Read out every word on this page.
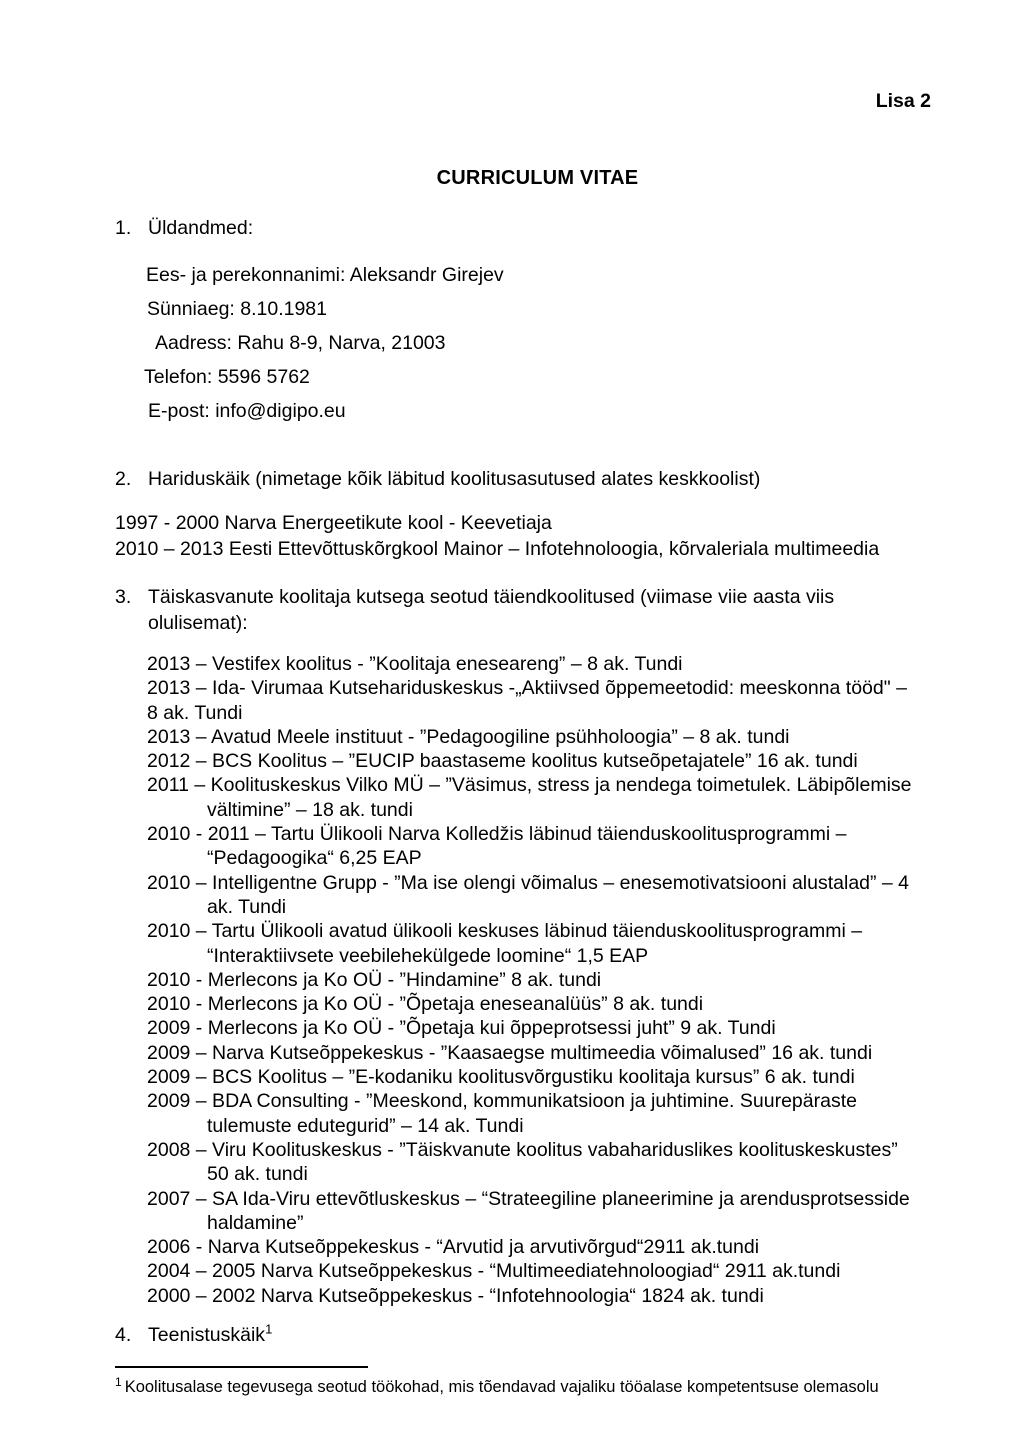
Lisa 2
CURRICULUM VITAE
1. Üldandmed:
Ees- ja perekonnanimi: Aleksandr Girejev
Sünniaeg: 8.10.1981
Aadress: Rahu 8-9, Narva, 21003
Telefon: 5596 5762
E-post: info@digipo.eu
2. Hariduskäik (nimetage kõik läbitud koolitusasutused alates keskkoolist)
1997 - 2000 Narva Energeetikute kool - Keevetiaja
2010 – 2013 Eesti Ettevõttuskõrgkool Mainor – Infotehnoloogia, kõrvaleriala multimeedia
3. Täiskasvanute koolitaja kutsega seotud täiendkoolitused (viimase viie aasta viis
olulisemat):
2013 – Vestifex koolitus - ”Koolitaja eneseareng” – 8 ak. Tundi
2013 – Ida- Virumaa Kutsehariduskeskus -„Aktiivsed õppemeetodid: meeskonna tööd" –
8 ak. Tundi
2013 – Avatud Meele instituut - ”Pedagoogiline psühholoogia” – 8 ak. tundi
2012 – BCS Koolitus – ”EUCIP baastaseme koolitus kutseõpetajatele” 16 ak. tundi
2011 – Koolituskeskus Vilko MÜ – ”Väsimus, stress ja nendega toimetulek. Läbipõlemise
vältimine” – 18 ak. tundi
2010 - 2011 – Tartu Ülikooli Narva Kolledžis läbinud täienduskoolitusprogrammi –
“Pedagoogika“ 6,25 EAP
2010 – Intelligentne Grupp - ”Ma ise olengi võimalus – enesemotivatsiooni alustalad” – 4
ak. Tundi
2010 – Tartu Ülikooli avatud ülikooli keskuses läbinud täienduskoolitusprogrammi –
“Interaktiivsete veebilehekülgede loomine“ 1,5 EAP
2010 - Merlecons ja Ko OÜ - ”Hindamine” 8 ak. tundi
2010 - Merlecons ja Ko OÜ - ”Õpetaja eneseanalüüs” 8 ak. tundi
2009 - Merlecons ja Ko OÜ - ”Õpetaja kui õppeprotsessi juht” 9 ak. Tundi
2009 – Narva Kutseõppekeskus - ”Kaasaegse multimeedia võimalused” 16 ak. tundi
2009 – BCS Koolitus – ”E-kodaniku koolitusvõrgustiku koolitaja kursus” 6 ak. tundi
2009 – BDA Consulting - ”Meeskond, kommunikatsioon ja juhtimine. Suurepäraste
tulemuste edutegurid” – 14 ak. Tundi
2008 – Viru Koolituskeskus - ”Täiskvanute koolitus vabahariduslikes koolituskeskustes”
50 ak. tundi
2007 – SA Ida-Viru ettevõtluskeskus – “Strateegiline planeerimine ja arendusprotsesside
haldamine”
2006 - Narva Kutseõppekeskus - “Arvutid ja arvutivõrgud“2911 ak.tundi
2004 – 2005 Narva Kutseõppekeskus - “Multimeediatehnoloogiad“ 2911 ak.tundi
2000 – 2002 Narva Kutseõppekeskus - “Infotehnoologia“ 1824 ak. tundi
4. Teenistuskäik$^1$
$^1$ Koolitusalase tegevusega seotud töökohad, mis tõendavad vajaliku tööalase kompetentsuse olemasolu
